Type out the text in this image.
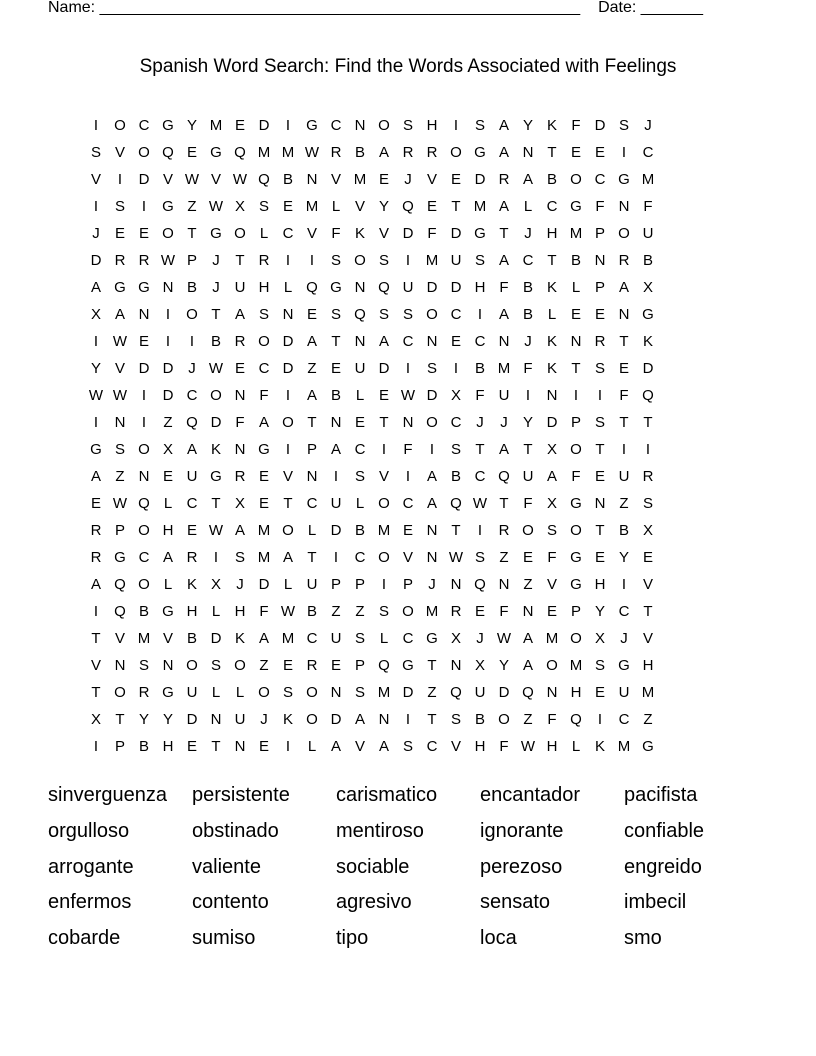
Name: ______________________________________________________ Date: _______
Spanish Word Search: Find the Words Associated with Feelings
I	O C G Y M E D	I	G C N O S H	I	S A Y K F D S	J
S V O Q E G Q M M W R B A R R O G A N T E E	I	C
V	I	D V W V W Q B N V M E	J	V E D R A B O C G M
I	S	I	G Z W X S E M L V Y Q E T M A L C G F N F
J	E E O T G O L C V F K V D F D G T	J H M P O U
D R R W P	J	T R	I	I	S O S	I	M U S A C T B N R B
A G G N B	J U H L Q G N Q U D D H F B K L P A X
X A N	I	O T A S N E S Q S S O C	I	A B L E E N G
I W E	I	I	B R O D A T N A C N E C N J	K N R T K
Y V D D J W E C D Z E U D	I	S	I	B M F K T S E D
W W I	D C O N F	I	A B L E W D X F U	I	N	I	I	F Q
I	N	I	Z Q D F A O T N E T N O C J	J	Y D P S T T
G S O X A K N G	I	P A C	I	F	I	S T A T X O T	I	I
A Z N E U G R E V N	I	S V	I	A B C Q U A F E U R
E W Q L C T X E T C U L O C A Q W T F X G N Z S
R P O H E W A M O L D B M E N T	I	R O S O T B X
R G C A R	I	S M A T	I	C O V N W S Z E F G E Y E
A Q O L K X	J D L U P P	I	P	J N Q N Z V G H	I	V
I	Q B G H L H F W B Z Z S O M R E F N E P Y C T
T V M V B D K A M C U S L C G X	J W A M O X	J	V
V N S N O S O Z E R E P Q G T N X Y A O M S G H
T O R G U L	L O S O N S M D Z Q U D Q N H E U M
X T Y Y D N U J	K O D A N	I	T S B O Z F Q	I	C Z
I	P B H E T N E	I	L A V A S C V H F W H L K M G
sinverguenza	persistente	carismatico	encantador	pacifista
orgulloso	obstinado	mentiroso	ignorante	confiable
arrogante	valiente	sociable	perezoso	engreido
enfermos	contento	agresivo	sensato	imbecil
cobarde	sumiso	tipo	loca	smo
